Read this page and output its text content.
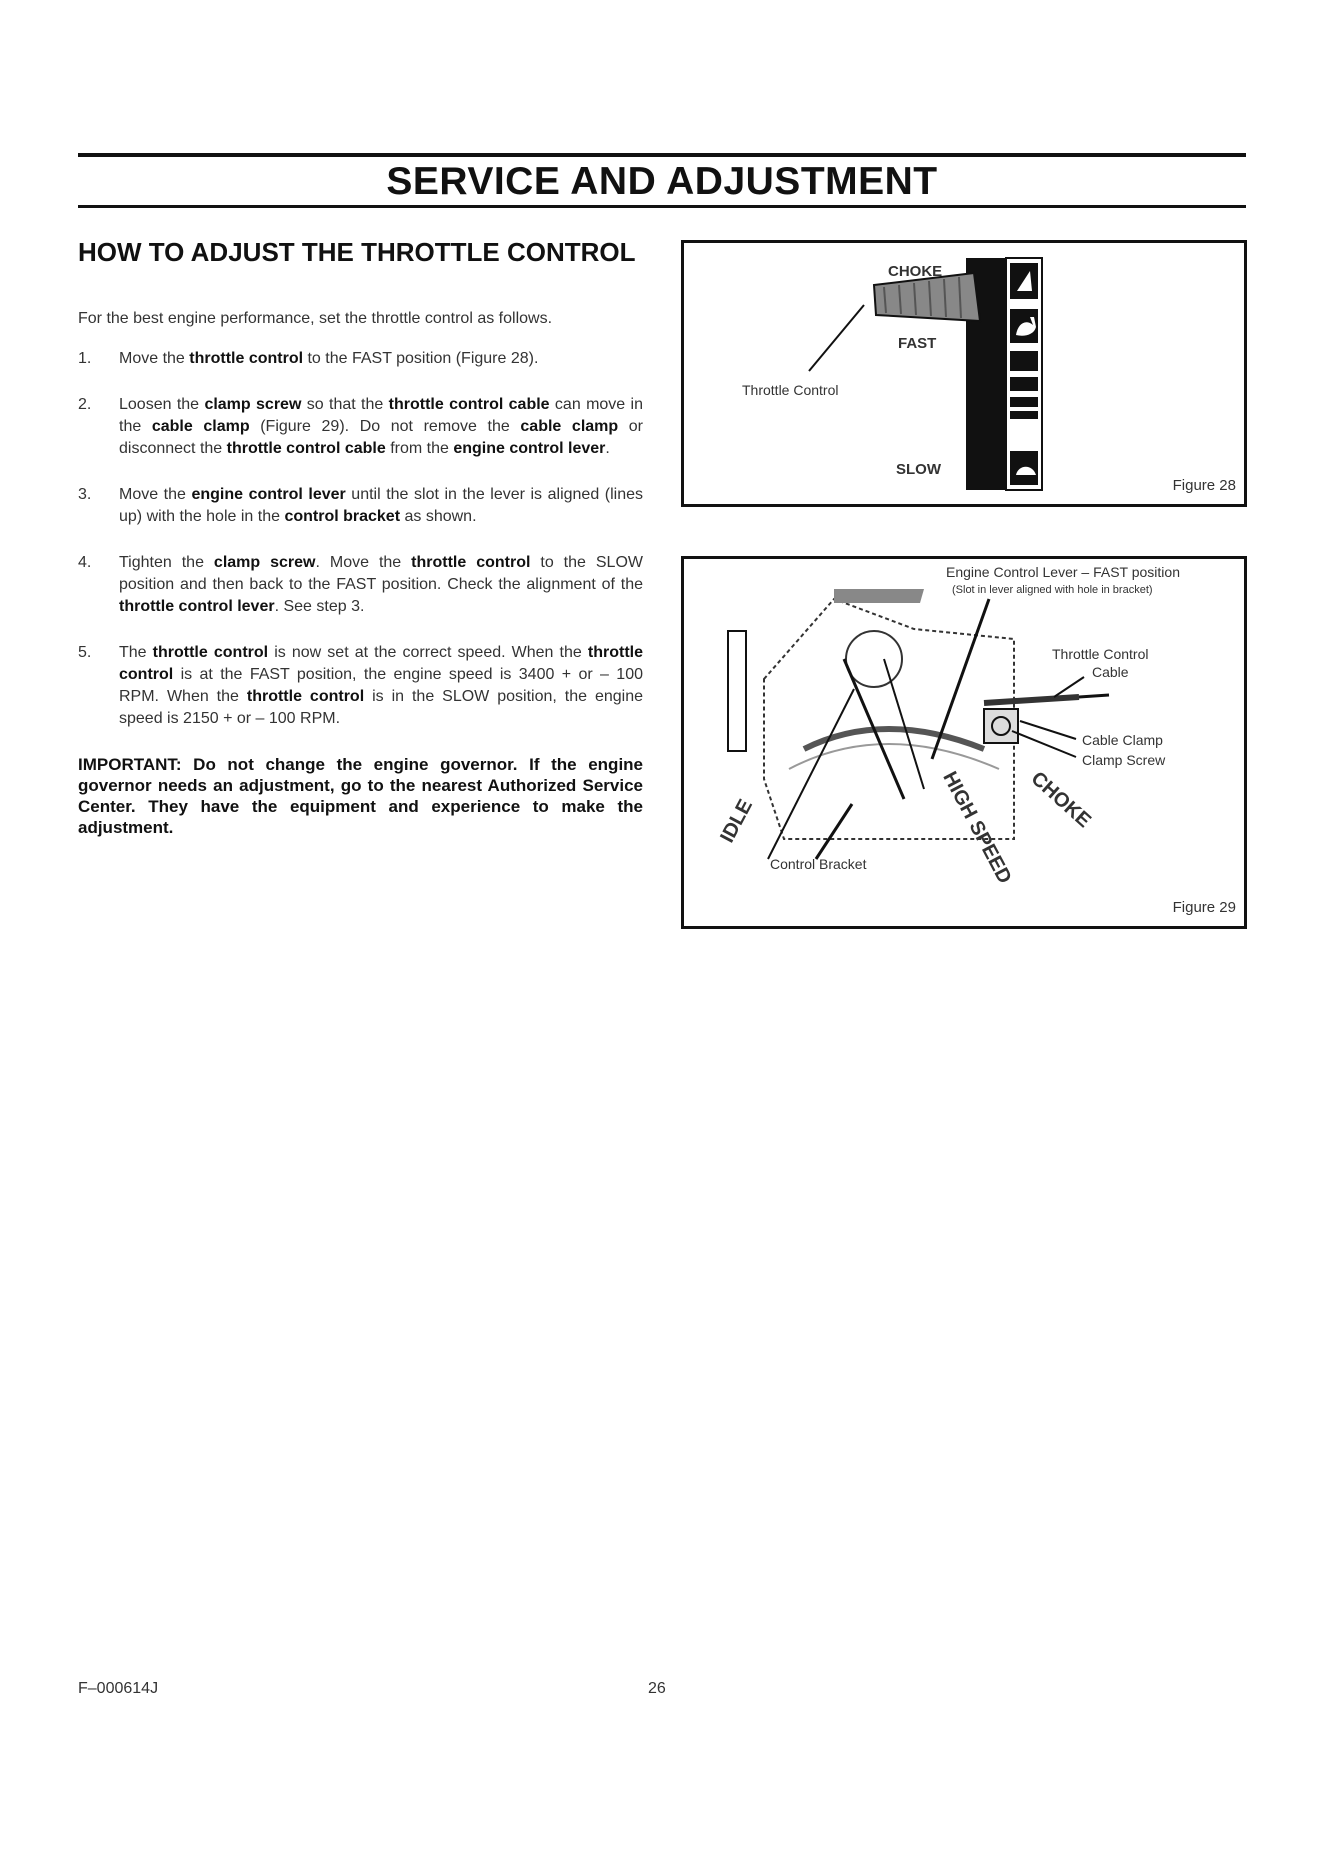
SERVICE AND ADJUSTMENT
HOW TO ADJUST THE THROTTLE CONTROL

For the best engine performance, set the throttle control as follows.

1. Move the throttle control to the FAST position (Figure 28).
2. Loosen the clamp screw so that the throttle control cable can move in the cable clamp (Figure 29). Do not remove the cable clamp or disconnect the throttle control cable from the engine control lever.
3. Move the engine control lever until the slot in the lever is aligned (lines up) with the hole in the control bracket as shown.
4. Tighten the clamp screw. Move the throttle control to the SLOW position and then back to the FAST position. Check the alignment of the throttle control lever. See step 3.
5. The throttle control is now set at the correct speed. When the throttle control is at the FAST position, the engine speed is 3400 + or – 100 RPM. When the throttle control is in the SLOW position, the engine speed is 2150 + or – 100 RPM.

IMPORTANT: Do not change the engine governor. If the engine governor needs an adjustment, go to the nearest Authorized Service Center. They have the equipment and experience to make the adjustment.

CHOKE
FAST
SLOW
Throttle Control
Figure 28
Engine Control Lever – FAST position
(Slot in lever aligned with hole in bracket)
Throttle Control
Cable
Cable Clamp
Clamp Screw
Control Bracket
IDLE	HIGH SPEED CHOKE
Figure 29
F–000614J	26
